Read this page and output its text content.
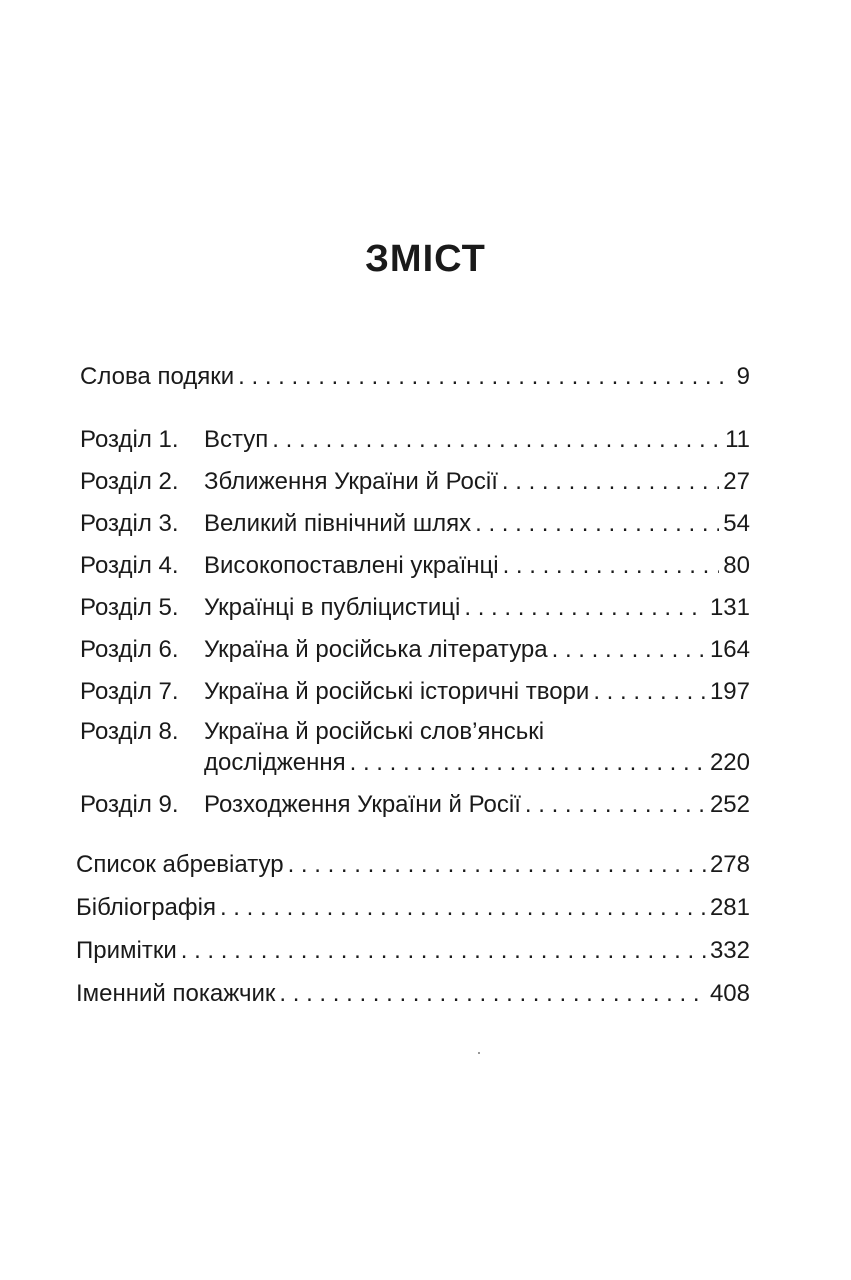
ЗМІСТ
Слова подяки . . .	9
Розділ 1.	Вступ . . .	11
Розділ 2.	Зближення України й Росії . . .	27
Розділ 3.	Великий північний шлях . . .	54
Розділ 4.	Високопоставлені українці . . .	80
Розділ 5.	Українці в публіцистиці . . .	131
Розділ 6.	Україна й російська література . . .	164
Розділ 7.	Україна й російські історичні твори . . .	197
Розділ 8. Україна й російські слов’янські
дослідження . . .	220
Розділ 9.	Розходження України й Росії . . .	252
Список абревіатур . . .	278
Бібліографія . . .	281
Примітки . . .	332
Іменний покажчик . . .	408
